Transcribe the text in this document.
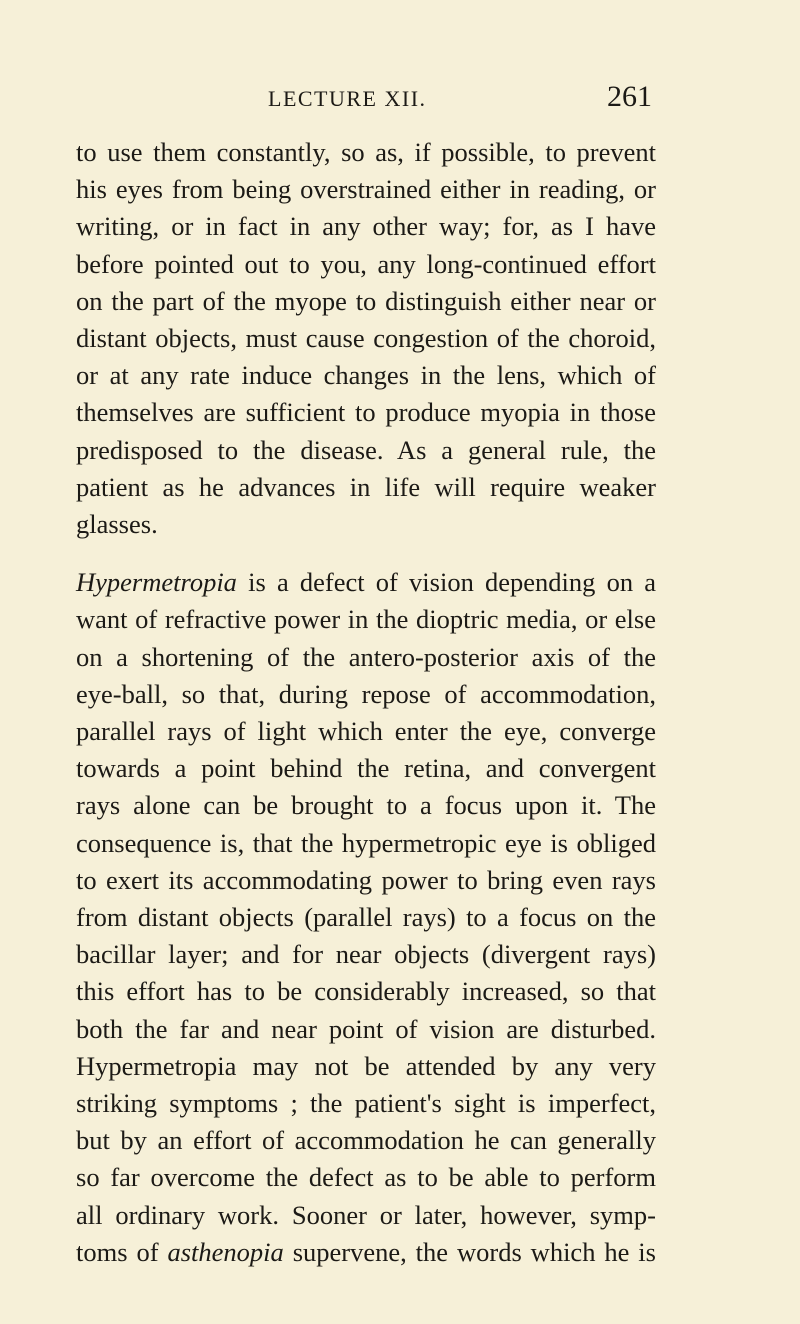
LECTURE XII.	261
to use them constantly, so as, if possible, to prevent
his eyes from being overstrained either in reading, or
writing, or in fact in any other way; for, as I have
before pointed out to you, any long-continued effort
on the part of the myope to distinguish either near or
distant objects, must cause congestion of the choroid,
or at any rate induce changes in the lens, which of
themselves are sufficient to produce myopia in those
predisposed to the disease. As a general rule, the
patient as he advances in life will require weaker
glasses.
Hypermetropia is a defect of vision depending on a
want of refractive power in the dioptric media, or else
on a shortening of the antero-posterior axis of the
eye-ball, so that, during repose of accommodation,
parallel rays of light which enter the eye, converge
towards a point behind the retina, and convergent
rays alone can be brought to a focus upon it. The
consequence is, that the hypermetropic eye is obliged
to exert its accommodating power to bring even rays
from distant objects (parallel rays) to a focus on the
bacillar layer; and for near objects (divergent rays)
this effort has to be considerably increased, so that
both the far and near point of vision are disturbed.
Hypermetropia may not be attended by any very
striking symptoms ; the patient's sight is imperfect,
but by an effort of accommodation he can generally
so far overcome the defect as to be able to perform
all ordinary work. Sooner or later, however, symp-
toms of asthenopia supervene, the words which he is
